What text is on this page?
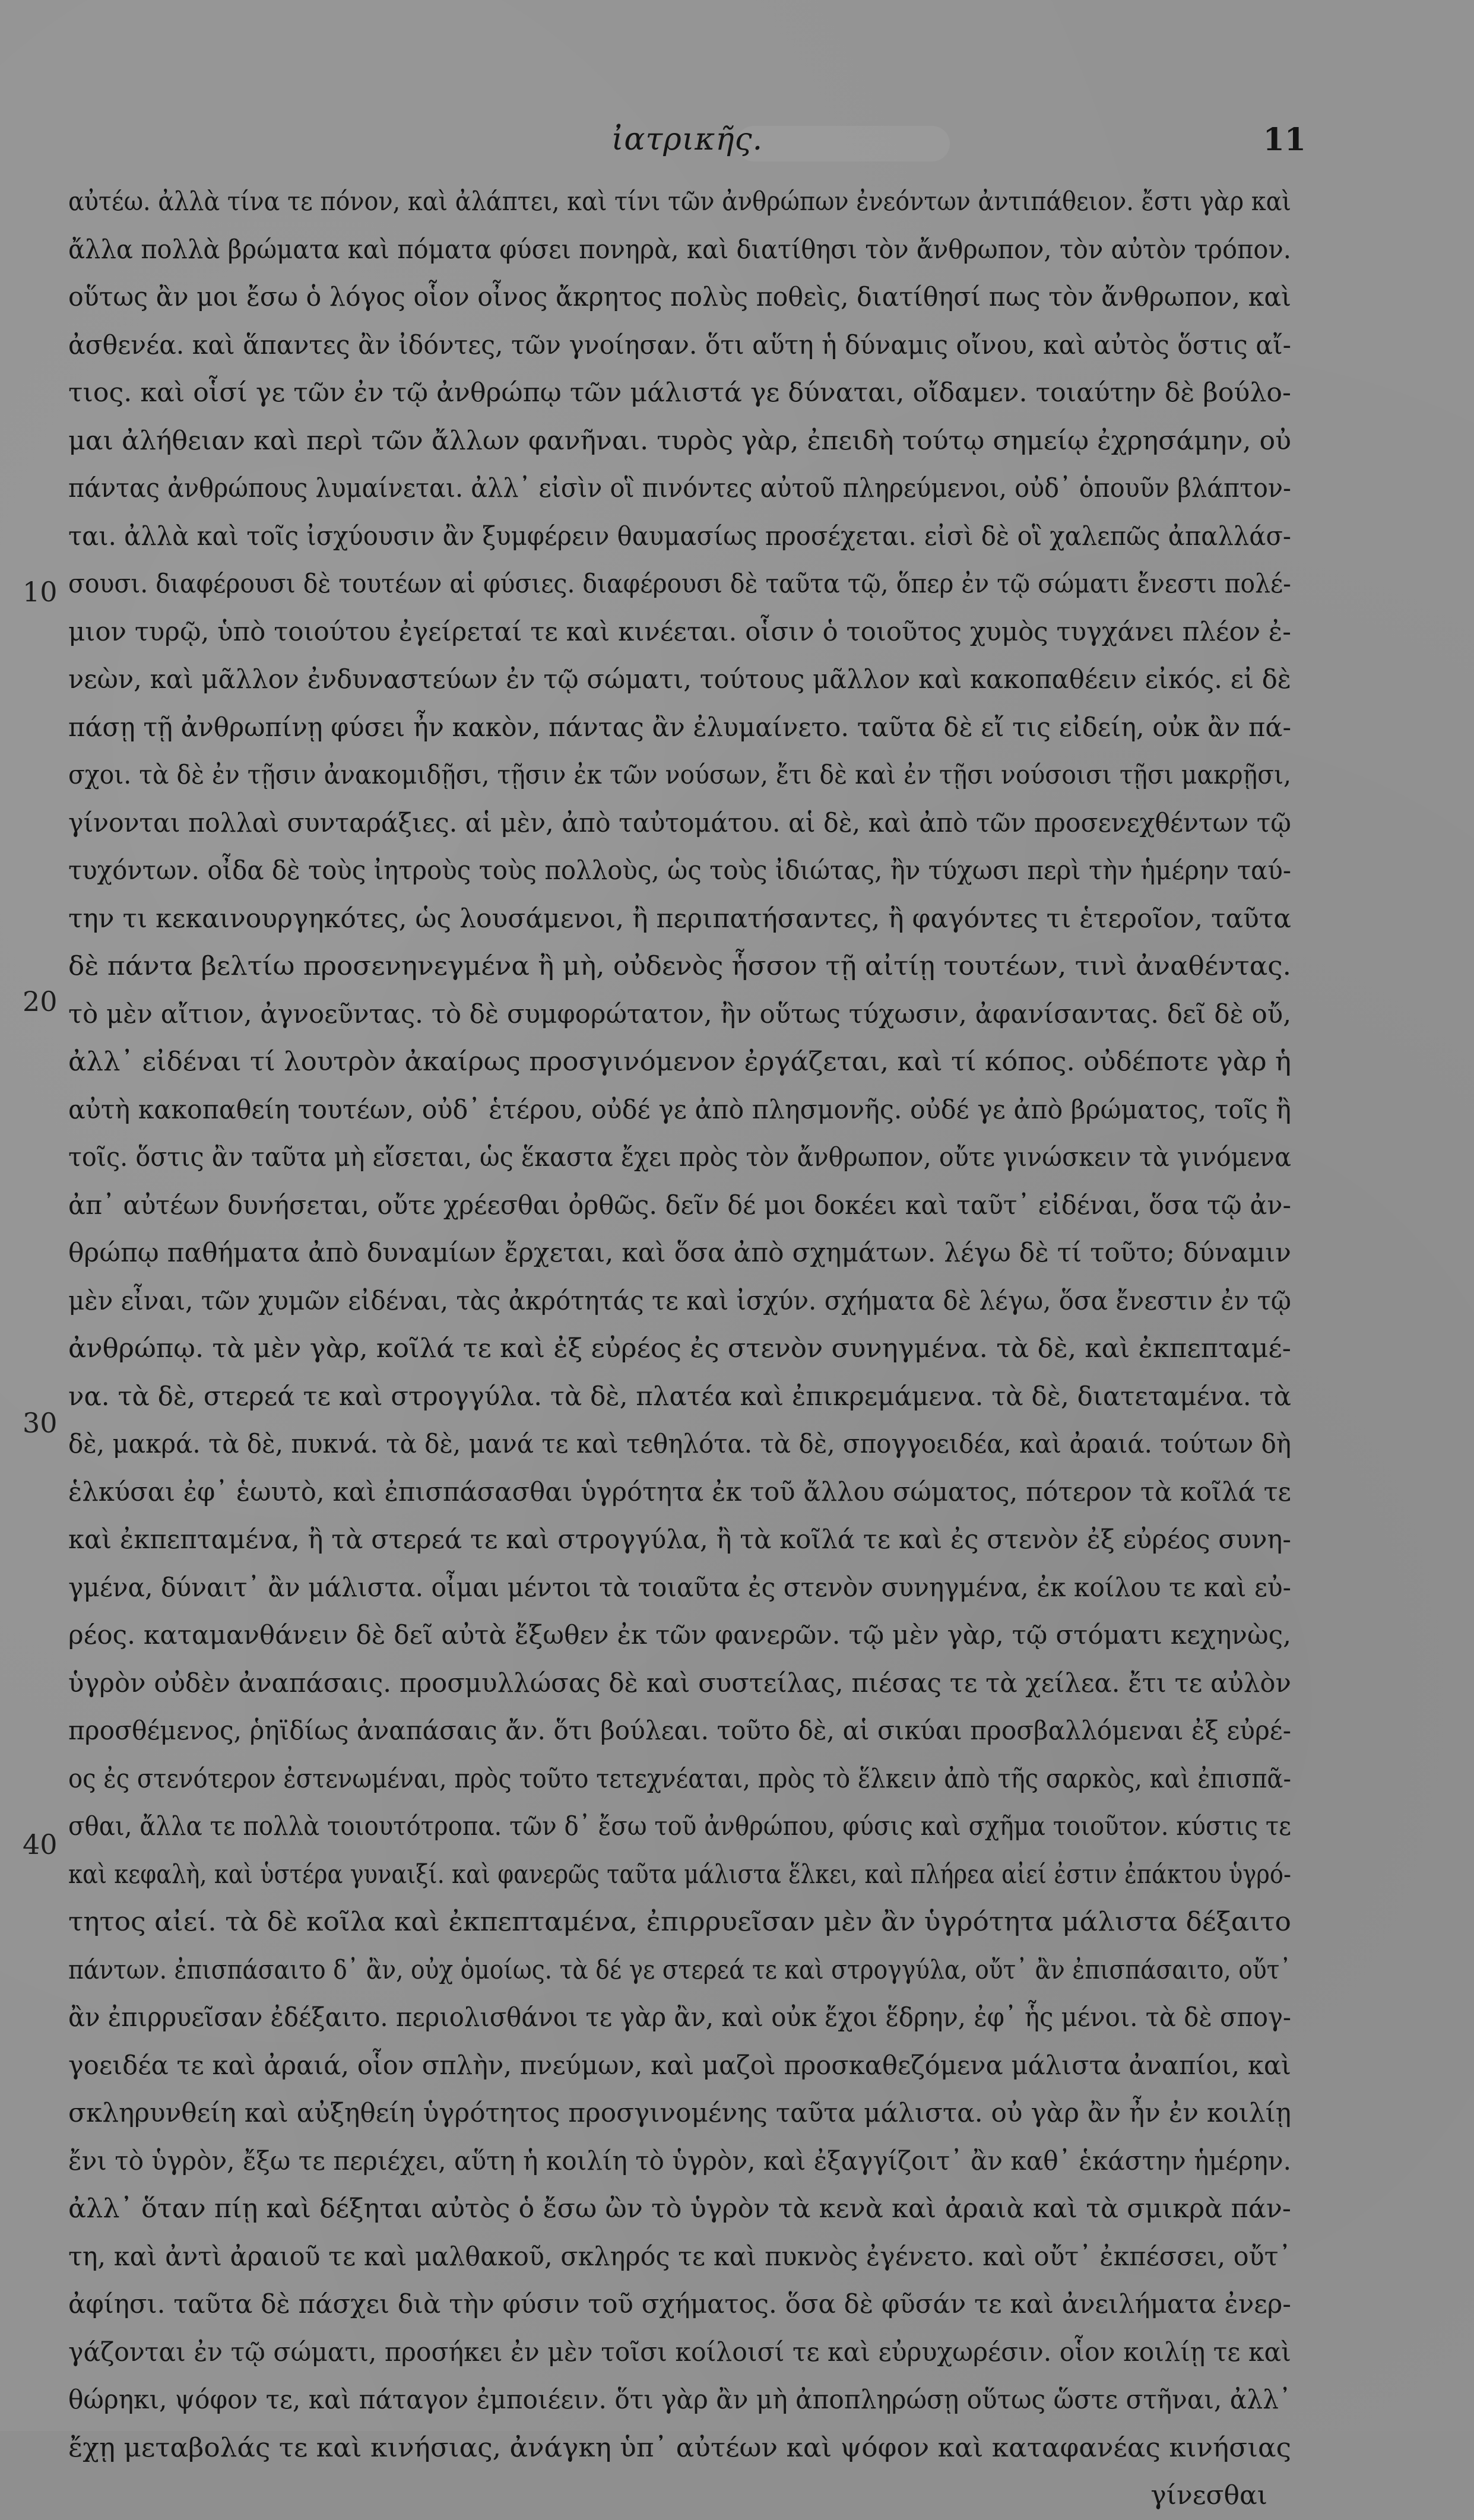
ἰατρικῆς.	11
10
20
30
40
αὐτέω. ἀλλὰ τίνα τε πόνον, καὶ ἀλάπτει, καὶ τίνι τῶν ἀνθρώπων ἐνεόντων ἀντιπάθειον. ἔστι γὰρ καὶ
ἄλλα πολλὰ βρώματα καὶ πόματα φύσει πονηρὰ, καὶ διατίθησι τὸν ἄνθρωπον, τὸν αὐτὸν τρόπον.
οὕτως ἂν μοι ἔσω ὁ λόγος οἷον οἶνος ἄκρητος πολὺς ποθεὶς, διατίθησί πως τὸν ἄνθρωπον, καὶ
ἀσθενέα. καὶ ἅπαντες ἂν ἰδόντες, τῶν γνοίησαν. ὅτι αὕτη ἡ δύναμις οἴνου, καὶ αὐτὸς ὅστις αἴ-
τιος. καὶ οἷσί γε τῶν ἐν τῷ ἀνθρώπῳ τῶν μάλιστά γε δύναται, οἴδαμεν. τοιαύτην δὲ βούλο-
μαι ἀλήθειαν καὶ περὶ τῶν ἄλλων φανῆναι. τυρὸς γὰρ, ἐπειδὴ τούτῳ σημείῳ ἐχρησάμην, οὐ
πάντας ἀνθρώπους λυμαίνεται. ἀλλ᾽ εἰσὶν οἳ πινόντες αὐτοῦ πληρεύμενοι, οὐδ᾽ ὁπουῦν βλάπτον-
ται. ἀλλὰ καὶ τοῖς ἰσχύουσιν ἂν ξυμφέρειν θαυμασίως προσέχεται. εἰσὶ δὲ οἳ χαλεπῶς ἀπαλλάσ-
σουσι. διαφέρουσι δὲ τουτέων αἱ φύσιες. διαφέρουσι δὲ ταῦτα τῷ, ὅπερ ἐν τῷ σώματι ἔνεστι πολέ-
μιον τυρῷ, ὑπὸ τοιούτου ἐγείρεταί τε καὶ κινέεται. οἷσιν ὁ τοιοῦτος χυμὸς τυγχάνει πλέον ἐ-
νεὼν, καὶ μᾶλλον ἐνδυναστεύων ἐν τῷ σώματι, τούτους μᾶλλον καὶ κακοπαθέειν εἰκός. εἰ δὲ
πάσῃ τῇ ἀνθρωπίνῃ φύσει ἦν κακὸν, πάντας ἂν ἐλυμαίνετο. ταῦτα δὲ εἴ τις εἰδείη, οὐκ ἂν πά-
σχοι. τὰ δὲ ἐν τῇσιν ἀνακομιδῇσι, τῇσιν ἐκ τῶν νούσων, ἔτι δὲ καὶ ἐν τῇσι νούσοισι τῇσι μακρῇσι,
γίνονται πολλαὶ συνταράξιες. αἱ μὲν, ἀπὸ ταὐτομάτου. αἱ δὲ, καὶ ἀπὸ τῶν προσενεχθέντων τῷ
τυχόντων. οἶδα δὲ τοὺς ἰητροὺς τοὺς πολλοὺς, ὡς τοὺς ἰδιώτας, ἢν τύχωσι περὶ τὴν ἡμέρην ταύ-
την τι κεκαινουργηκότες, ὡς λουσάμενοι, ἢ περιπατήσαντες, ἢ φαγόντες τι ἑτεροῖον, ταῦτα
δὲ πάντα βελτίω προσενηνεγμένα ἢ μὴ, οὐδενὸς ἧσσον τῇ αἰτίῃ τουτέων, τινὶ ἀναθέντας.
τὸ μὲν αἴτιον, ἀγνοεῦντας. τὸ δὲ συμφορώτατον, ἢν οὕτως τύχωσιν, ἀφανίσαντας. δεῖ δὲ οὔ,
ἀλλ᾽ εἰδέναι τί λουτρὸν ἀκαίρως προσγινόμενον ἐργάζεται, καὶ τί κόπος. οὐδέποτε γὰρ ἡ
αὐτὴ κακοπαθείη τουτέων, οὐδ᾽ ἑτέρου, οὐδέ γε ἀπὸ πλησμονῆς. οὐδέ γε ἀπὸ βρώματος, τοῖς ἢ
τοῖς. ὅστις ἂν ταῦτα μὴ εἴσεται, ὡς ἕκαστα ἔχει πρὸς τὸν ἄνθρωπον, οὔτε γινώσκειν τὰ γινόμενα
ἀπ᾽ αὐτέων δυνήσεται, οὔτε χρέεσθαι ὀρθῶς. δεῖν δέ μοι δοκέει καὶ ταῦτ᾽ εἰδέναι, ὅσα τῷ ἀν-
θρώπῳ παθήματα ἀπὸ δυναμίων ἔρχεται, καὶ ὅσα ἀπὸ σχημάτων. λέγω δὲ τί τοῦτο; δύναμιν
μὲν εἶναι, τῶν χυμῶν εἰδέναι, τὰς ἀκρότητάς τε καὶ ἰσχύν. σχήματα δὲ λέγω, ὅσα ἔνεστιν ἐν τῷ
ἀνθρώπῳ. τὰ μὲν γὰρ, κοῖλά τε καὶ ἐξ εὐρέος ἐς στενὸν συνηγμένα. τὰ δὲ, καὶ ἐκπεπταμέ-
να. τὰ δὲ, στερεά τε καὶ στρογγύλα. τὰ δὲ, πλατέα καὶ ἐπικρεμάμενα. τὰ δὲ, διατεταμένα. τὰ
δὲ, μακρά. τὰ δὲ, πυκνά. τὰ δὲ, μανά τε καὶ τεθηλότα. τὰ δὲ, σπογγοειδέα, καὶ ἀραιά. τούτων δὴ
ἑλκύσαι ἐφ᾽ ἑωυτὸ, καὶ ἐπισπάσασθαι ὑγρότητα ἐκ τοῦ ἄλλου σώματος, πότερον τὰ κοῖλά τε
καὶ ἐκπεπταμένα, ἢ τὰ στερεά τε καὶ στρογγύλα, ἢ τὰ κοῖλά τε καὶ ἐς στενὸν ἐξ εὐρέος συνη-
γμένα, δύναιτ᾽ ἂν μάλιστα. οἶμαι μέντοι τὰ τοιαῦτα ἐς στενὸν συνηγμένα, ἐκ κοίλου τε καὶ εὐ-
ρέος. καταμανθάνειν δὲ δεῖ αὐτὰ ἔξωθεν ἐκ τῶν φανερῶν. τῷ μὲν γὰρ, τῷ στόματι κεχηνὼς,
ὑγρὸν οὐδὲν ἀναπάσαις. προσμυλλώσας δὲ καὶ συστείλας, πιέσας τε τὰ χείλεα. ἔτι τε αὐλὸν
προσθέμενος, ῥηϊδίως ἀναπάσαις ἄν. ὅτι βούλεαι. τοῦτο δὲ, αἱ σικύαι προσβαλλόμεναι ἐξ εὐρέ-
ος ἐς στενότερον ἐστενωμέναι, πρὸς τοῦτο τετεχνέαται, πρὸς τὸ ἕλκειν ἀπὸ τῆς σαρκὸς, καὶ ἐπισπᾶ-
σθαι, ἄλλα τε πολλὰ τοιουτότροπα. τῶν δ᾽ ἔσω τοῦ ἀνθρώπου, φύσις καὶ σχῆμα τοιοῦτον. κύστις τε
καὶ κεφαλὴ, καὶ ὑστέρα γυναιξί. καὶ φανερῶς ταῦτα μάλιστα ἕλκει, καὶ πλήρεα αἰεί ἐστιν ἐπάκτου ὑγρό-
τητος αἰεί. τὰ δὲ κοῖλα καὶ ἐκπεπταμένα, ἐπιρρυεῖσαν μὲν ἂν ὑγρότητα μάλιστα δέξαιτο
πάντων. ἐπισπάσαιτο δ᾽ ἂν, οὐχ ὁμοίως. τὰ δέ γε στερεά τε καὶ στρογγύλα, οὔτ᾽ ἂν ἐπισπάσαιτο, οὔτ᾽
ἂν ἐπιρρυεῖσαν ἐδέξαιτο. περιολισθάνοι τε γὰρ ἂν, καὶ οὐκ ἔχοι ἕδρην, ἐφ᾽ ἧς μένοι. τὰ δὲ σπογ-
γοειδέα τε καὶ ἀραιά, οἷον σπλὴν, πνεύμων, καὶ μαζοὶ προσκαθεζόμενα μάλιστα ἀναπίοι, καὶ
σκληρυνθείη καὶ αὐξηθείη ὑγρότητος προσγινομένης ταῦτα μάλιστα. οὐ γὰρ ἂν ἦν ἐν κοιλίῃ
ἔνι τὸ ὑγρὸν, ἔξω τε περιέχει, αὕτη ἡ κοιλίη τὸ ὑγρὸν, καὶ ἐξαγγίζοιτ᾽ ἂν καθ᾽ ἑκάστην ἡμέρην.
ἀλλ᾽ ὅταν πίῃ καὶ δέξηται αὐτὸς ὁ ἔσω ὢν τὸ ὑγρὸν τὰ κενὰ καὶ ἀραιὰ καὶ τὰ σμικρὰ πάν-
τη, καὶ ἀντὶ ἀραιοῦ τε καὶ μαλθακοῦ, σκληρός τε καὶ πυκνὸς ἐγένετο. καὶ οὔτ᾽ ἐκπέσσει, οὔτ᾽
ἀφίησι. ταῦτα δὲ πάσχει διὰ τὴν φύσιν τοῦ σχήματος. ὅσα δὲ φῦσάν τε καὶ ἀνειλήματα ἐνερ-
γάζονται ἐν τῷ σώματι, προσήκει ἐν μὲν τοῖσι κοίλοισί τε καὶ εὐρυχωρέσιν. οἷον κοιλίῃ τε καὶ
θώρηκι, ψόφον τε, καὶ πάταγον ἐμποιέειν. ὅτι γὰρ ἂν μὴ ἀποπληρώσῃ οὕτως ὥστε στῆναι, ἀλλ᾽
ἔχῃ μεταβολάς τε καὶ κινήσιας, ἀνάγκη ὑπ᾽ αὐτέων καὶ ψόφον καὶ καταφανέας κινήσιας
γίνεσθαι
